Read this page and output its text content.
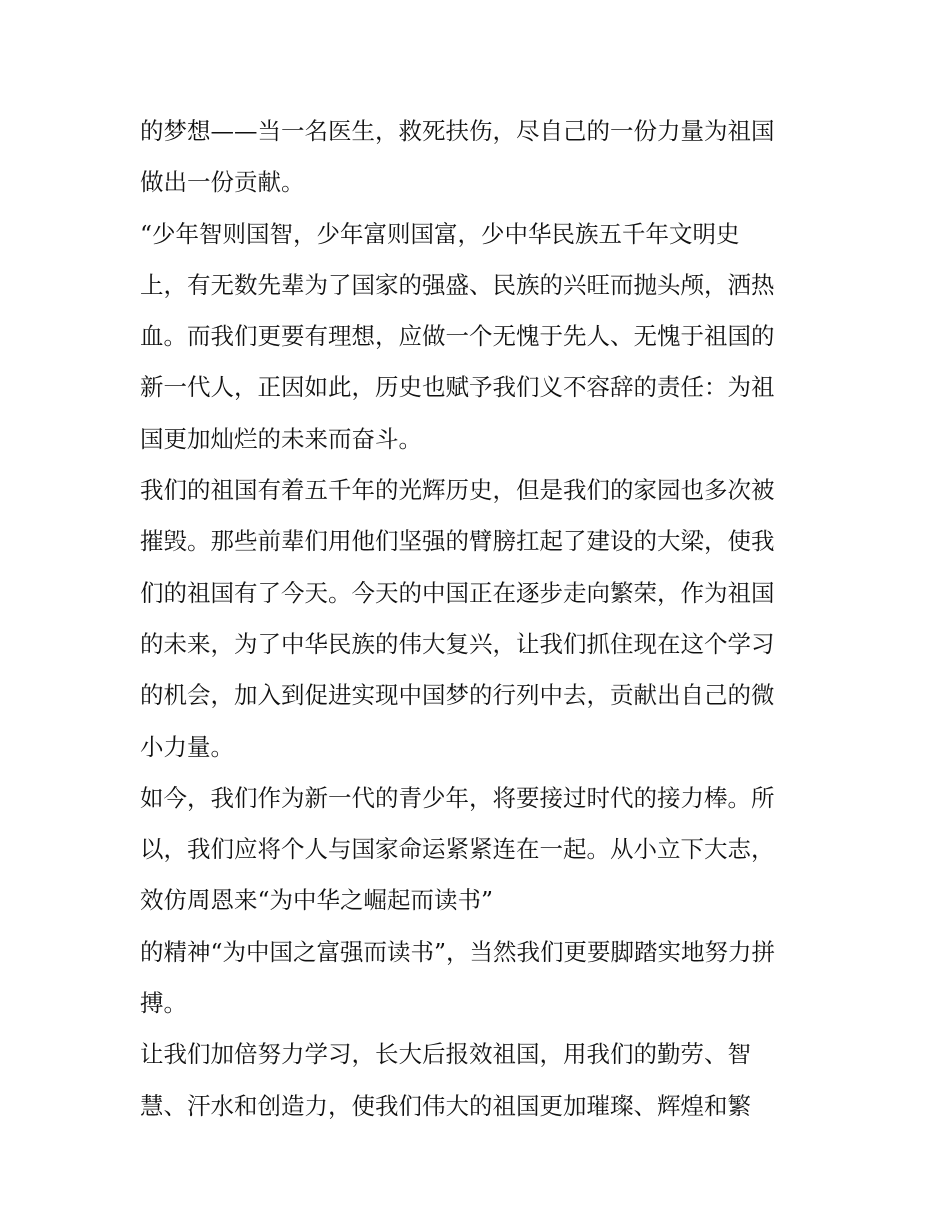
的梦想——当一名医生，救死扶伤，尽自己的一份力量为祖国
做出一份贡献。
“少年智则国智，少年富则国富，少中华民族五千年文明史
上，有无数先辈为了国家的强盛、民族的兴旺而抛头颅，洒热
血。而我们更要有理想，应做一个无愧于先人、无愧于祖国的
新一代人，正因如此，历史也赋予我们义不容辞的责任：为祖
国更加灿烂的未来而奋斗。
我们的祖国有着五千年的光辉历史，但是我们的家园也多次被
摧毁。那些前辈们用他们坚强的臂膀扛起了建设的大梁，使我
们的祖国有了今天。今天的中国正在逐步走向繁荣，作为祖国
的未来，为了中华民族的伟大复兴，让我们抓住现在这个学习
的机会，加入到促进实现中国梦的行列中去，贡献出自己的微
小力量。
如今，我们作为新一代的青少年，将要接过时代的接力棒。所
以，我们应将个人与国家命运紧紧连在一起。从小立下大志，
效仿周恩来“为中华之崛起而读书”
的精神“为中国之富强而读书”，当然我们更要脚踏实地努力拼
搏。
让我们加倍努力学习，长大后报效祖国，用我们的勤劳、智
慧、汗水和创造力，使我们伟大的祖国更加璀璨、辉煌和繁
